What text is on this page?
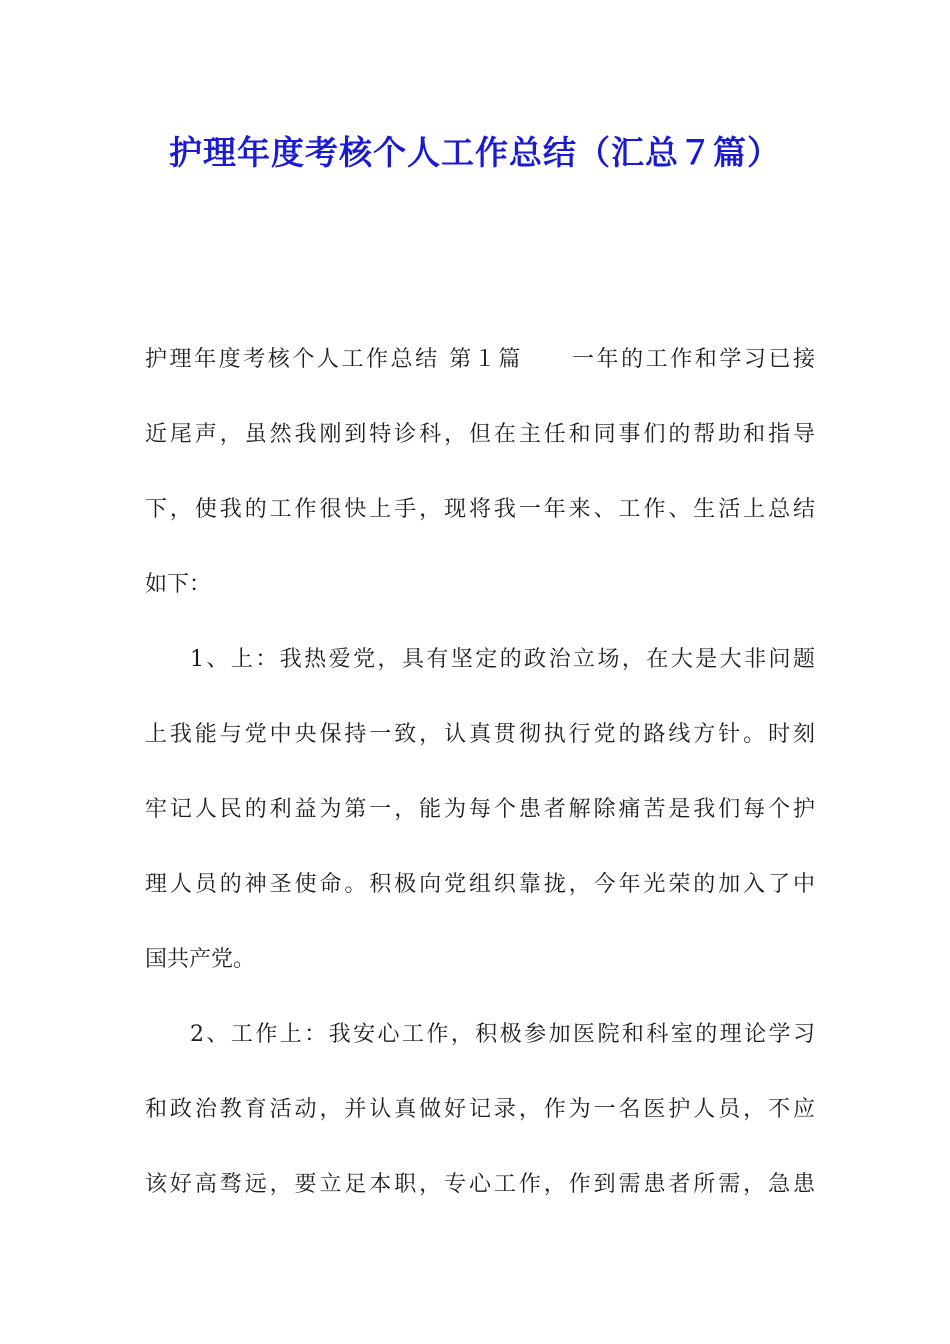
护理年度考核个人工作总结（汇总７篇）
护理年度考核个人工作总结 第１篇　　一年的工作和学习已接
近尾声，虽然我刚到特诊科，但在主任和同事们的帮助和指导
下，使我的工作很快上手，现将我一年来、工作、生活上总结
如下：
1、上：我热爱党，具有坚定的政治立场，在大是大非问题
上我能与党中央保持一致，认真贯彻执行党的路线方针。时刻
牢记人民的利益为第一，能为每个患者解除痛苦是我们每个护
理人员的神圣使命。积极向党组织靠拢，今年光荣的加入了中
国共产党。
2、工作上：我安心工作，积极参加医院和科室的理论学习
和政治教育活动，并认真做好记录，作为一名医护人员，不应
该好高骛远，要立足本职，专心工作，作到需患者所需，急患
